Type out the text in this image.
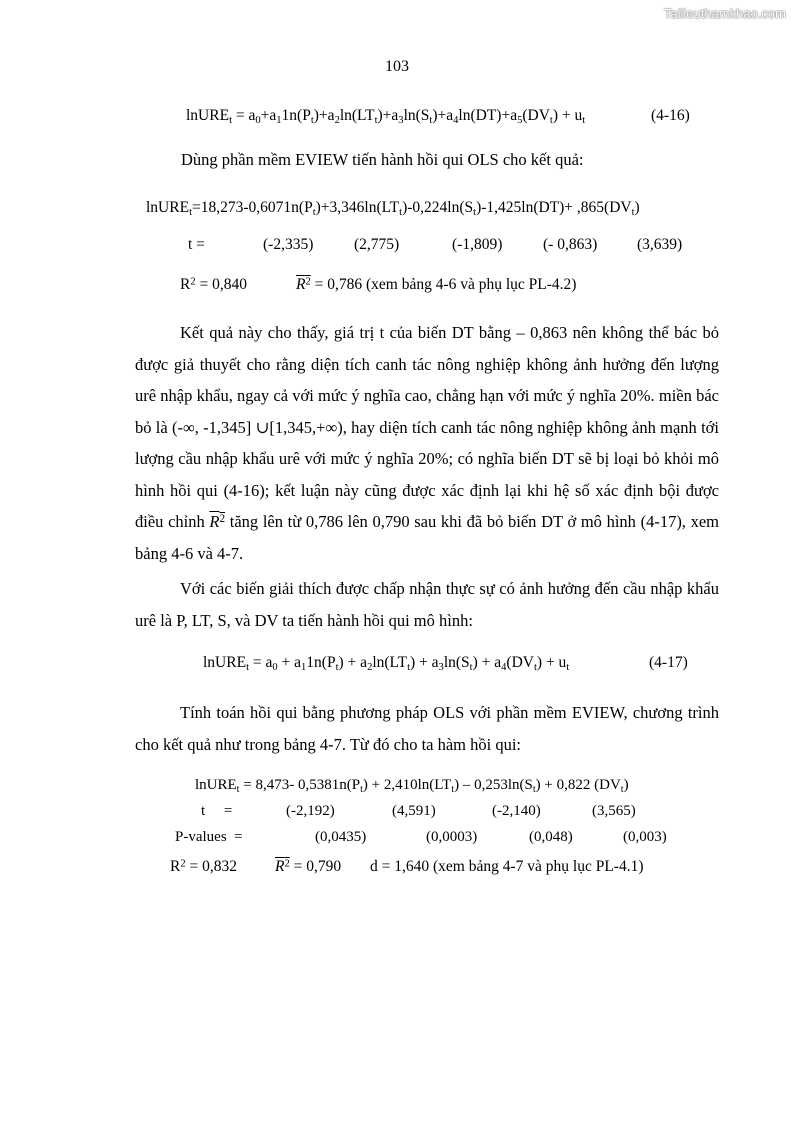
Tailieuthamkhao.com
103
lnURE$_t$ = $a_0+a_11n(P_t)+a_2\ln(LT_t)+a_3\ln(S_t)+a_4\ln(DT)+a_5(DV_t) + u_t$	(4-16)
Dùng phần mềm EVIEW tiến hành hồi qui OLS cho kết quả:
$lnURE_t=18,273-0,6071n(P_t)+3,346\ln(LT_t)-0,224\ln(S_t)-1,425\ln(DT)+ ,865(DV_t)$
t =	(-2,335)	(2,775)	(-1,809)	(- 0,863)	(3,639)
$R^2 = 0,840$	$R^2 = 0,786$ (xem bảng 4-6 và phụ lục PL-4.2)
Kết quả này cho thấy, giá trị t của biến DT bằng – 0,863 nên không thể bác bỏ được giả thuyết cho rằng diện tích canh tác nông nghiệp không ảnh hưởng đến lượng urê nhập khẩu, ngay cả với mức ý nghĩa cao, chẳng hạn với mức ý nghĩa 20%. miền bác bỏ là (-∞, -1,345] ∪[1,345,+∞), hay diện tích canh tác nông nghiệp không ảnh mạnh tới lượng cầu nhập khẩu urê với mức ý nghĩa 20%; có nghĩa biến DT sẽ bị loại bỏ khỏi mô hình hồi qui (4-16); kết luận này cũng được xác định lại khi hệ số xác định bội được điều chỉnh $R^2$ tăng lên từ 0,786 lên 0,790 sau khi đã bỏ biến DT ở mô hình (4-17), xem bảng 4-6 và 4-7.
Với các biến giải thích được chấp nhận thực sự có ảnh hưởng đến cầu nhập khẩu urê là P, LT, S, và DV ta tiến hành hồi qui mô hình:
lnURE$_t$ = $a_0 + a_11n(P_t) + a_2\ln(LT_t) + a_3\ln(S_t) + a_4(DV_t) + u_t$	(4-17)
Tính toán hồi qui bằng phương pháp OLS với phần mềm EVIEW, chương trình cho kết quả như trong bảng 4-7. Từ đó cho ta hàm hồi qui:
lnURE$_t$ = 8,473- $0,5381n(P_t) + 2,410\ln(LT_t) - 0,253\ln(S_t) + 0,822$ $(DV_t)$
t     =	(-2,192)	(4,591)	(-2,140)	(3,565)
P-values  =	(0,0435)	(0,0003)	(0,048)	(0,003)
$R^2 = 0,832$ $R^2 = 0,790$ d = 1,640 (xem bảng 4-7 và phụ lục PL-4.1)
